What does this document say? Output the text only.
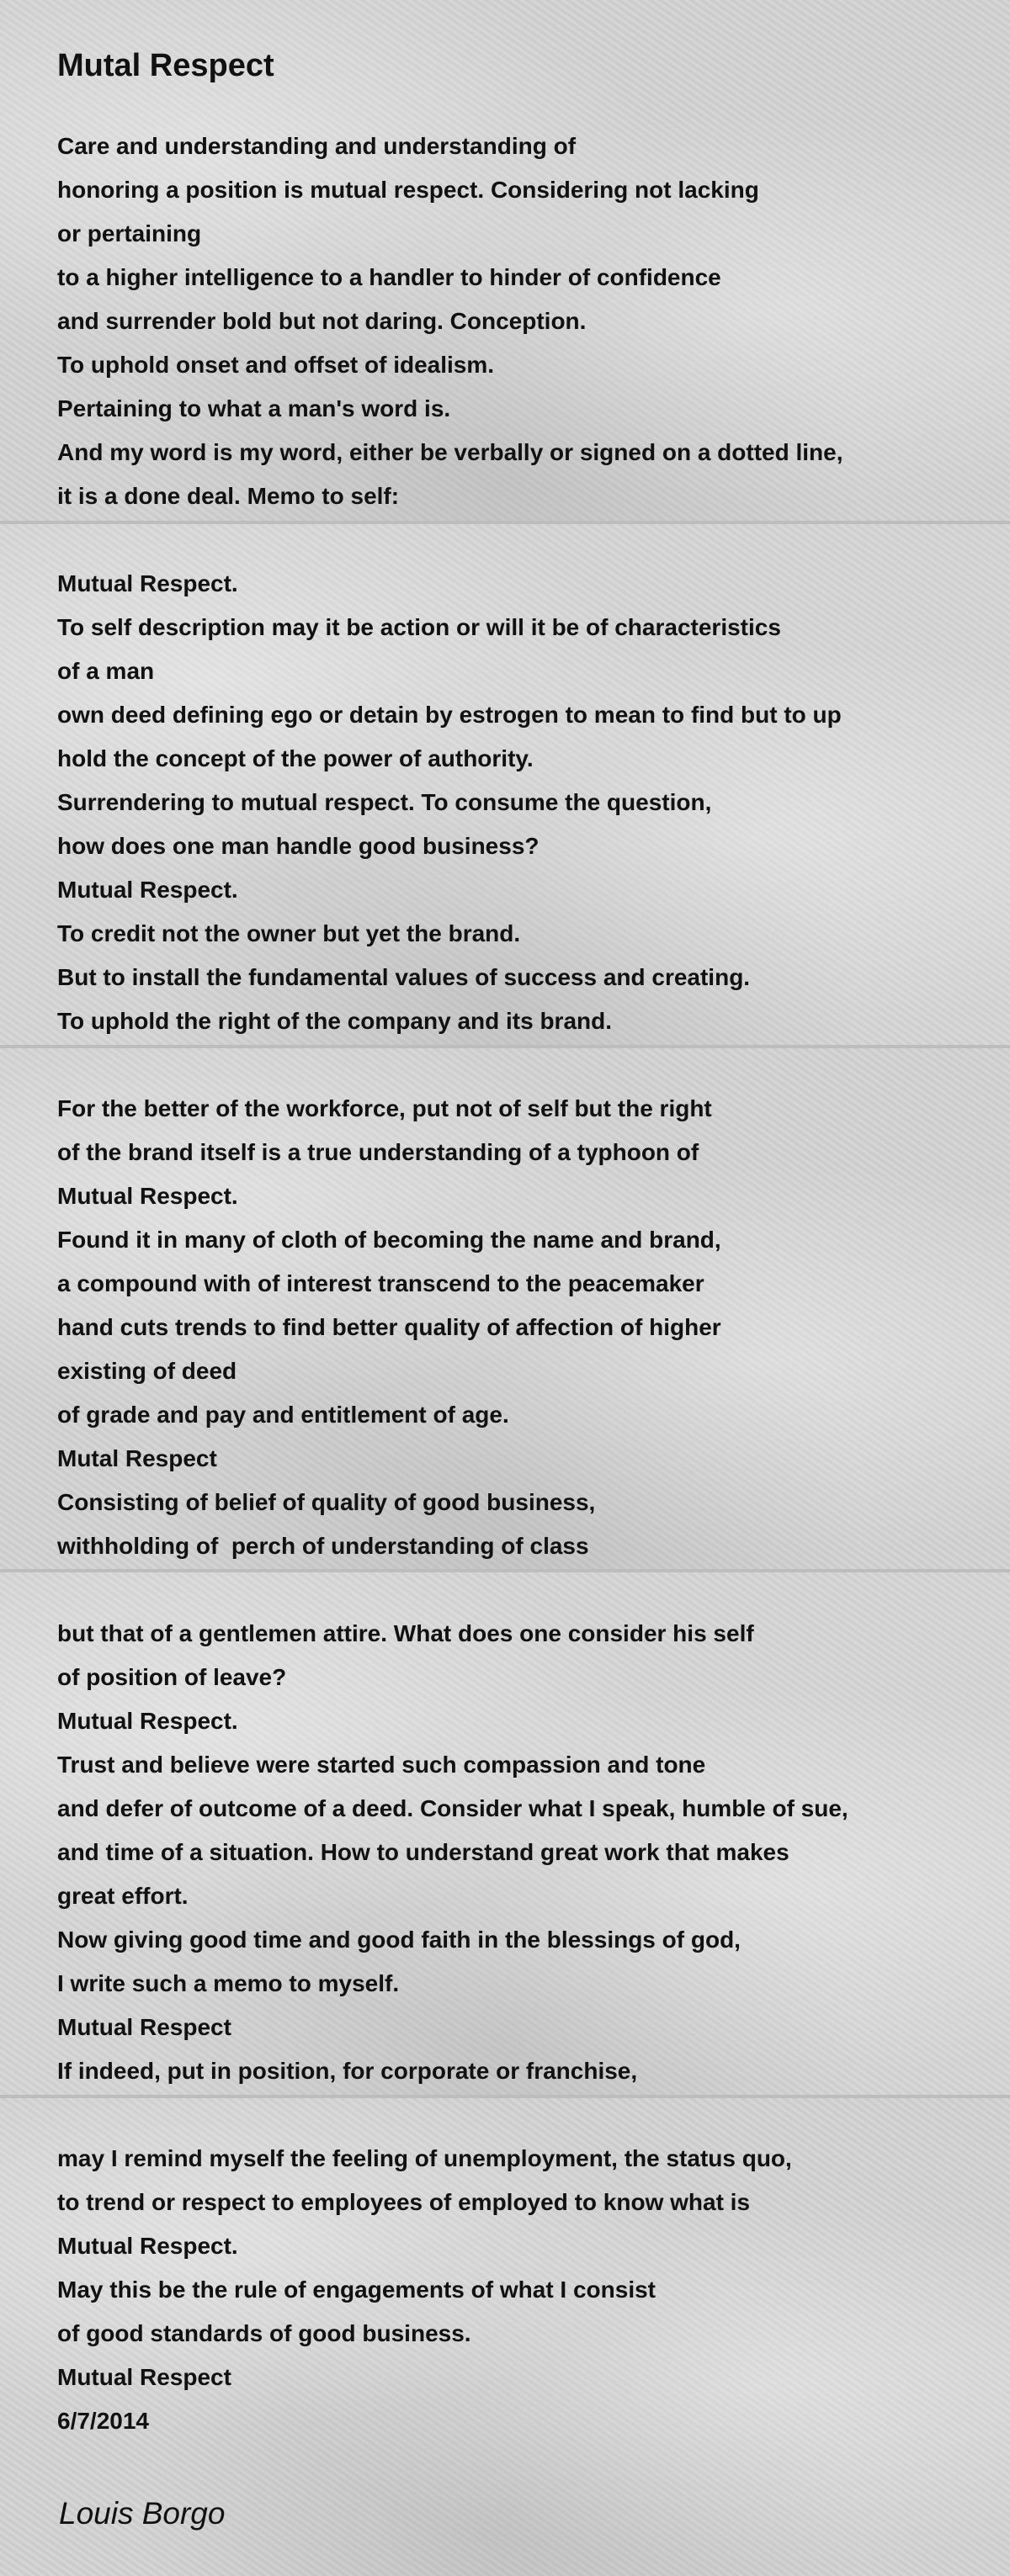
Mutal Respect
Care and understanding and understanding of
honoring a position is mutual respect. Considering not lacking
or pertaining
to a higher intelligence to a handler to hinder of confidence
and surrender bold but not daring. Conception.
To uphold onset and offset of idealism.
Pertaining to what a man's word is.
And my word is my word, either be verbally or signed on a dotted line,
it is a done deal. Memo to self:
Mutual Respect.
To self description may it be action or will it be of characteristics
of a man
own deed defining ego or detain by estrogen to mean to find but to up
hold the concept of the power of authority.
Surrendering to mutual respect. To consume the question,
how does one man handle good business?
Mutual Respect.
To credit not the owner but yet the brand.
But to install the fundamental values of success and creating.
To uphold the right of the company and its brand.
For the better of the workforce, put not of self but the right
of the brand itself is a true understanding of a typhoon of
Mutual Respect.
Found it in many of cloth of becoming the name and brand,
a compound with of interest transcend to the peacemaker
hand cuts trends to find better quality of affection of higher
existing of deed
of grade and pay and entitlement of age.
Mutal Respect
Consisting of belief of quality of good business,
withholding of  perch of understanding of class
but that of a gentlemen attire. What does one consider his self
of position of leave?
Mutual Respect.
Trust and believe were started such compassion and tone
and defer of outcome of a deed. Consider what I speak, humble of sue,
and time of a situation. How to understand great work that makes
great effort.
Now giving good time and good faith in the blessings of god,
I write such a memo to myself.
Mutual Respect
If indeed, put in position, for corporate or franchise,
may I remind myself the feeling of unemployment, the status quo,
to trend or respect to employees of employed to know what is
Mutual Respect.
May this be the rule of engagements of what I consist
of good standards of good business.
Mutual Respect
6/7/2014
Louis Borgo
